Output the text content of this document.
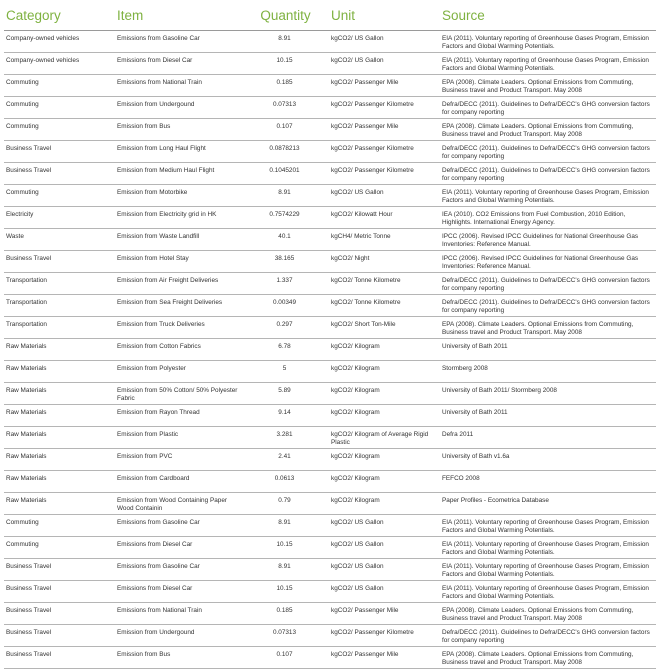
Category	Item	Quantity	Unit	Source
Company-owned vehicles	Emissions from Gasoline Car	8.91	kgCO2/ US Gallon	EIA (2011). Voluntary reporting of Greenhouse Gases Program, Emission Factors and Global Warming Potentials.
Company-owned vehicles	Emissions from Diesel Car	10.15	kgCO2/ US Gallon	EIA (2011). Voluntary reporting of Greenhouse Gases Program, Emission Factors and Global Warming Potentials.
Commuting	Emissions from National Train	0.185	kgCO2/ Passenger Mile	EPA (2008). Climate Leaders. Optional Emissions from Commuting, Business travel and Product Transport. May 2008
Commuting	Emission from Undergound	0.07313	kgCO2/ Passenger Kilometre	Defra/DECC (2011). Guidelines to Defra/DECC's GHG conversion factors for company reporting
Commuting	Emission from Bus	0.107	kgCO2/ Passenger Mile	EPA (2008). Climate Leaders. Optional Emissions from Commuting, Business travel and Product Transport. May 2008
Business Travel	Emission from Long Haul Flight	0.0878213	kgCO2/ Passenger Kilometre	Defra/DECC (2011). Guidelines to Defra/DECC's GHG conversion factors for company reporting
Business Travel	Emission from Medium Haul Flight	0.1045201	kgCO2/ Passenger Kilometre	Defra/DECC (2011). Guidelines to Defra/DECC's GHG conversion factors for company reporting
Commuting	Emission from Motorbike	8.91	kgCO2/ US Gallon	EIA (2011). Voluntary reporting of Greenhouse Gases Program, Emission Factors and Global Warming Potentials.
Electricity	Emission from Electricity grid in HK	0.7574229	kgCO2/ Kilowatt Hour	IEA (2010). CO2 Emissions from Fuel Combustion, 2010 Edition, Highlights. International Energy Agency.
Waste	Emission from Waste Landfill	40.1	kgCH4/ Metric Tonne	IPCC (2006). Revised IPCC Guidelines for National Greenhouse Gas Inventories: Reference Manual.
Business Travel	Emission from Hotel Stay	38.165	kgCO2/ Night	IPCC (2006). Revised IPCC Guidelines for National Greenhouse Gas Inventories: Reference Manual.
Transportation	Emission from Air Freight Deliveries	1.337	kgCO2/ Tonne Kilometre	Defra/DECC (2011). Guidelines to Defra/DECC's GHG conversion factors for company reporting
Transportation	Emission from Sea Freight Deliveries	0.00349	kgCO2/ Tonne Kilometre	Defra/DECC (2011). Guidelines to Defra/DECC's GHG conversion factors for company reporting
Transportation	Emission from Truck Deliveries	0.297	kgCO2/ Short Ton-Mile	EPA (2008). Climate Leaders. Optional Emissions from Commuting, Business travel and Product Transport. May 2008
Raw Materials	Emission from Cotton Fabrics	6.78	kgCO2/ Kilogram	University of Bath 2011
Raw Materials	Emission from Polyester	5	kgCO2/ Kilogram	Stormberg 2008
Raw Materials	Emission from 50% Cotton/ 50% Polyester Fabric	5.89	kgCO2/ Kilogram	University of Bath 2011/ Stormberg 2008
Raw Materials	Emission from Rayon Thread	9.14	kgCO2/ Kilogram	University of Bath 2011
Raw Materials	Emission from Plastic	3.281	kgCO2/ Kilogram of Average Rigid Plastic	Defra 2011
Raw Materials	Emission from PVC	2.41	kgCO2/ Kilogram	University of Bath v1.6a
Raw Materials	Emission from Cardboard	0.0613	kgCO2/ Kilogram	FEFCO 2008
Raw Materials	Emission from Wood Containing Paper Wood Containin	0.79	kgCO2/ Kilogram	Paper Profiles - Ecometrica Database
Commuting	Emissions from Gasoline Car	8.91	kgCO2/ US Gallon	EIA (2011). Voluntary reporting of Greenhouse Gases Program, Emission Factors and Global Warming Potentials.
Commuting	Emissions from Diesel Car	10.15	kgCO2/ US Gallon	EIA (2011). Voluntary reporting of Greenhouse Gases Program, Emission Factors and Global Warming Potentials.
Business Travel	Emissions from Gasoline Car	8.91	kgCO2/ US Gallon	EIA (2011). Voluntary reporting of Greenhouse Gases Program, Emission Factors and Global Warming Potentials.
Business Travel	Emissions from Diesel Car	10.15	kgCO2/ US Gallon	EIA (2011). Voluntary reporting of Greenhouse Gases Program, Emission Factors and Global Warming Potentials.
Business Travel	Emissions from National Train	0.185	kgCO2/ Passenger Mile	EPA (2008). Climate Leaders. Optional Emissions from Commuting, Business travel and Product Transport. May 2008
Business Travel	Emission from Undergound	0.07313	kgCO2/ Passenger Kilometre	Defra/DECC (2011). Guidelines to Defra/DECC's GHG conversion factors for company reporting
Business Travel	Emission from Bus	0.107	kgCO2/ Passenger Mile	EPA (2008). Climate Leaders. Optional Emissions from Commuting, Business travel and Product Transport. May 2008
